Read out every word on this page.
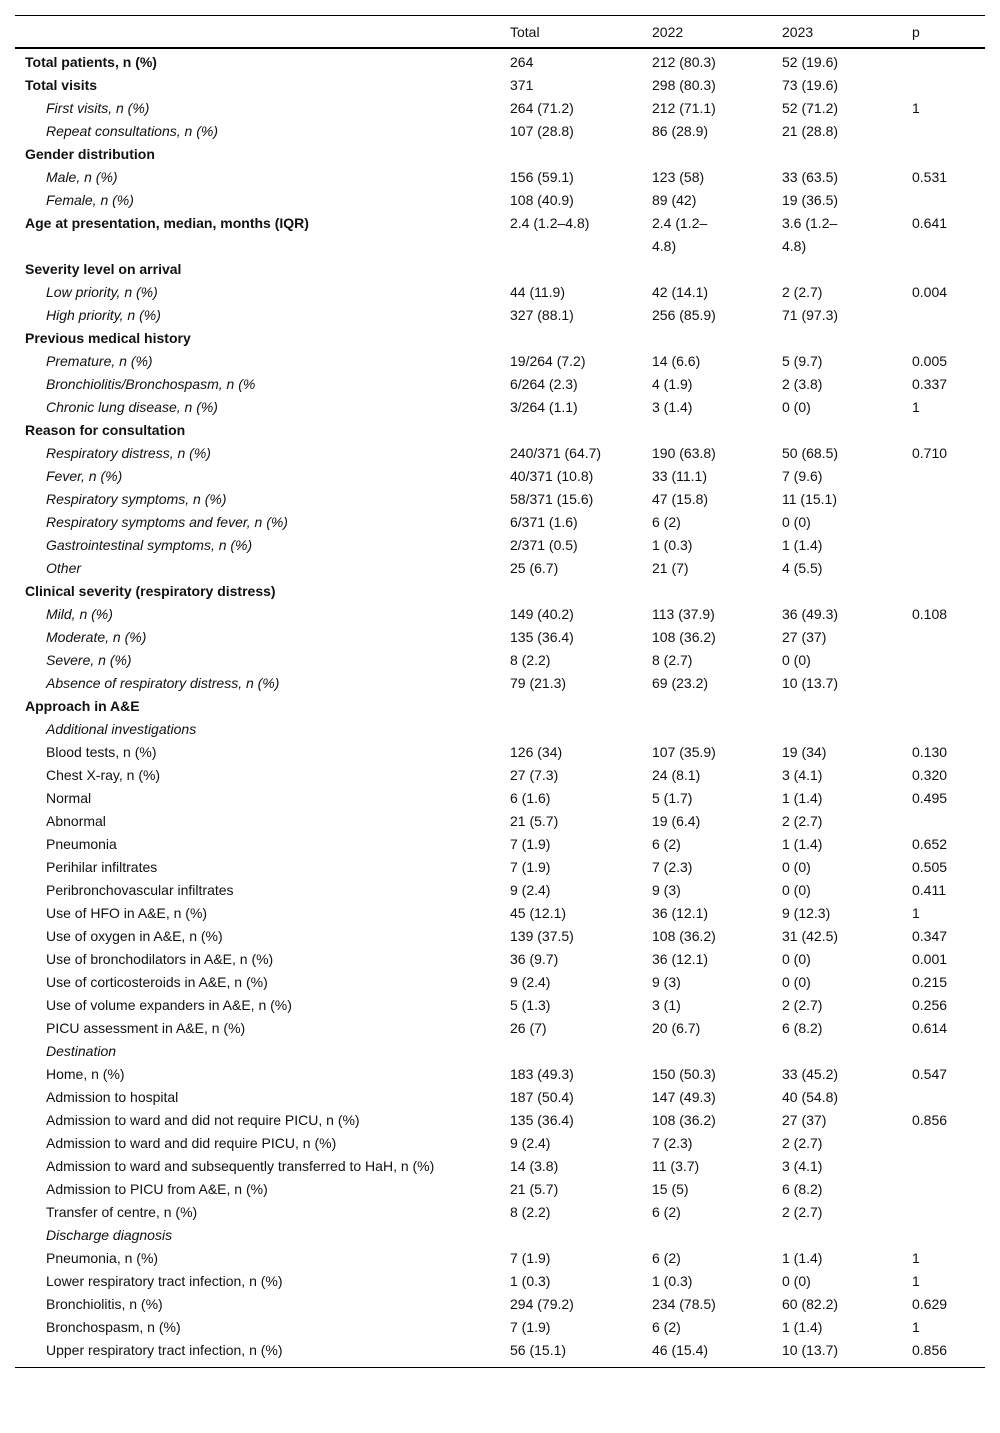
	Total	2022	2023	p
Total patients, n (%)	264	212 (80.3)	52 (19.6)	
Total visits	371	298 (80.3)	73 (19.6)	
First visits, n (%)	264 (71.2)	212 (71.1)	52 (71.2)	1
Repeat consultations, n (%)	107 (28.8)	86 (28.9)	21 (28.8)	
Gender distribution				
Male, n (%)	156 (59.1)	123 (58)	33 (63.5)	0.531
Female, n (%)	108 (40.9)	89 (42)	19 (36.5)	
Age at presentation, median, months (IQR)	2.4 (1.2–4.8)	2.4 (1.2–4.8)	3.6 (1.2–4.8)	0.641
Severity level on arrival				
Low priority, n (%)	44 (11.9)	42 (14.1)	2 (2.7)	0.004
High priority, n (%)	327 (88.1)	256 (85.9)	71 (97.3)	
Previous medical history				
Premature, n (%)	19/264 (7.2)	14 (6.6)	5 (9.7)	0.005
Bronchiolitis/Bronchospasm, n (%	6/264 (2.3)	4 (1.9)	2 (3.8)	0.337
Chronic lung disease, n (%)	3/264 (1.1)	3 (1.4)	0 (0)	1
Reason for consultation				
Respiratory distress, n (%)	240/371 (64.7)	190 (63.8)	50 (68.5)	0.710
Fever, n (%)	40/371 (10.8)	33 (11.1)	7 (9.6)	
Respiratory symptoms, n (%)	58/371 (15.6)	47 (15.8)	11 (15.1)	
Respiratory symptoms and fever, n (%)	6/371 (1.6)	6 (2)	0 (0)	
Gastrointestinal symptoms, n (%)	2/371 (0.5)	1 (0.3)	1 (1.4)	
Other	25 (6.7)	21 (7)	4 (5.5)	
Clinical severity (respiratory distress)				
Mild, n (%)	149 (40.2)	113 (37.9)	36 (49.3)	0.108
Moderate, n (%)	135 (36.4)	108 (36.2)	27 (37)	
Severe, n (%)	8 (2.2)	8 (2.7)	0 (0)	
Absence of respiratory distress, n (%)	79 (21.3)	69 (23.2)	10 (13.7)	
Approach in A&E				
Additional investigations				
Blood tests, n (%)	126 (34)	107 (35.9)	19 (34)	0.130
Chest X-ray, n (%)	27 (7.3)	24 (8.1)	3 (4.1)	0.320
Normal	6 (1.6)	5 (1.7)	1 (1.4)	0.495
Abnormal	21 (5.7)	19 (6.4)	2 (2.7)	
Pneumonia	7 (1.9)	6 (2)	1 (1.4)	0.652
Perihilar infiltrates	7 (1.9)	7 (2.3)	0 (0)	0.505
Peribronchovascular infiltrates	9 (2.4)	9 (3)	0 (0)	0.411
Use of HFO in A&E, n (%)	45 (12.1)	36 (12.1)	9 (12.3)	1
Use of oxygen in A&E, n (%)	139 (37.5)	108 (36.2)	31 (42.5)	0.347
Use of bronchodilators in A&E, n (%)	36 (9.7)	36 (12.1)	0 (0)	0.001
Use of corticosteroids in A&E, n (%)	9 (2.4)	9 (3)	0 (0)	0.215
Use of volume expanders in A&E, n (%)	5 (1.3)	3 (1)	2 (2.7)	0.256
PICU assessment in A&E, n (%)	26 (7)	20 (6.7)	6 (8.2)	0.614
Destination				
Home, n (%)	183 (49.3)	150 (50.3)	33 (45.2)	0.547
Admission to hospital	187 (50.4)	147 (49.3)	40 (54.8)	
Admission to ward and did not require PICU, n (%)	135 (36.4)	108 (36.2)	27 (37)	0.856
Admission to ward and did require PICU, n (%)	9 (2.4)	7 (2.3)	2 (2.7)	
Admission to ward and subsequently transferred to HaH, n (%)	14 (3.8)	11 (3.7)	3 (4.1)	
Admission to PICU from A&E, n (%)	21 (5.7)	15 (5)	6 (8.2)	
Transfer of centre, n (%)	8 (2.2)	6 (2)	2 (2.7)	
Discharge diagnosis				
Pneumonia, n (%)	7 (1.9)	6 (2)	1 (1.4)	1
Lower respiratory tract infection, n (%)	1 (0.3)	1 (0.3)	0 (0)	1
Bronchiolitis, n (%)	294 (79.2)	234 (78.5)	60 (82.2)	0.629
Bronchospasm, n (%)	7 (1.9)	6 (2)	1 (1.4)	1
Upper respiratory tract infection, n (%)	56 (15.1)	46 (15.4)	10 (13.7)	0.856
